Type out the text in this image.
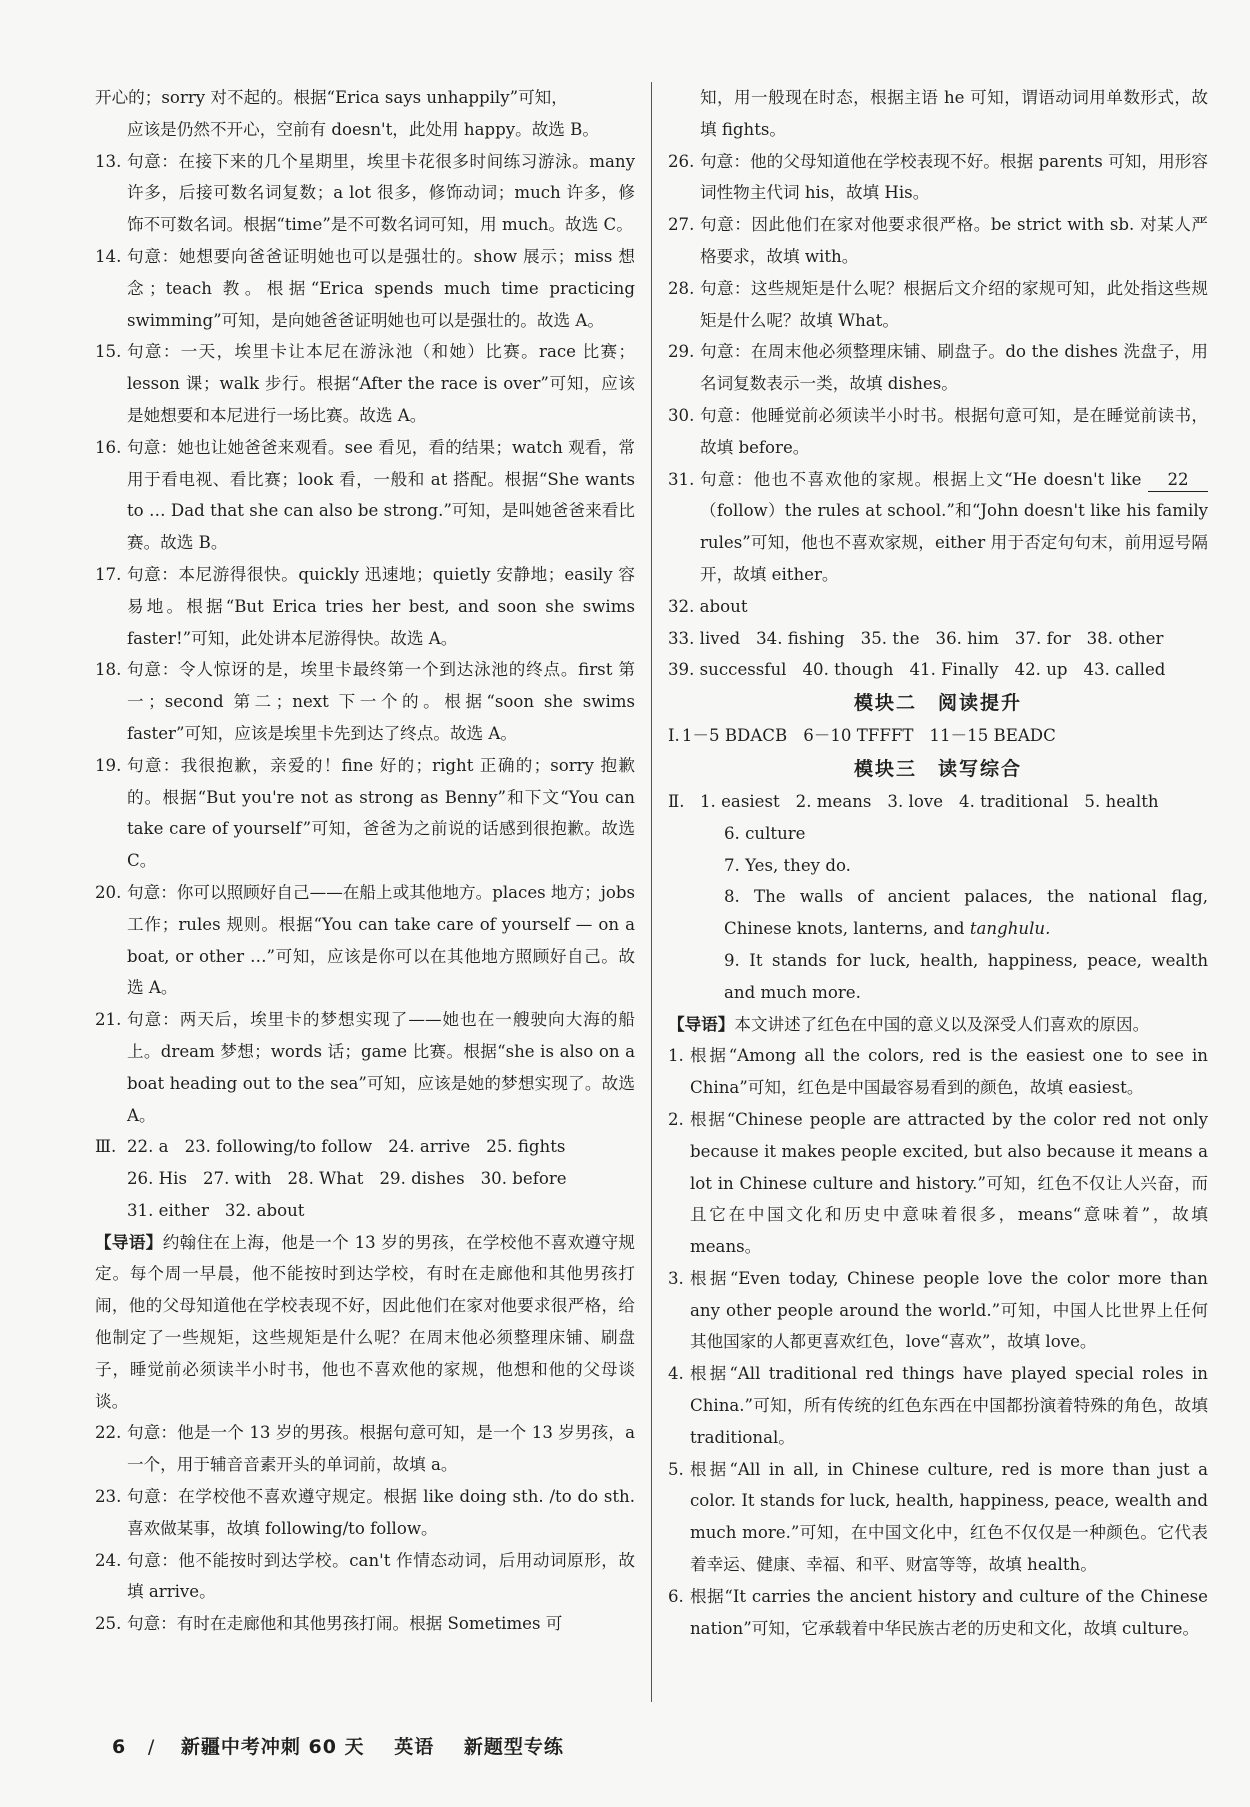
开心的；sorry 对不起的。根据“Erica says unhappily”可知，

应该是仍然不开心，空前有 doesn't，此处用 happy。故选 B。

13. 句意：在接下来的几个星期里，埃里卡花很多时间练习游泳。many 许多，后接可数名词复数；a lot 很多，修饰动词；much 许多，修饰不可数名词。根据“time”是不可数名词可知，用 much。故选 C。

14. 句意：她想要向爸爸证明她也可以是强壮的。show 展示；miss 想念；teach 教。根据“Erica spends much time practicing swimming”可知，是向她爸爸证明她也可以是强壮的。故选 A。

15. 句意：一天，埃里卡让本尼在游泳池（和她）比赛。race 比赛；lesson 课；walk 步行。根据“After the race is over”可知，应该是她想要和本尼进行一场比赛。故选 A。

16. 句意：她也让她爸爸来观看。see 看见，看的结果；watch 观看，常用于看电视、看比赛；look 看，一般和 at 搭配。根据“She wants to … Dad that she can also be strong.”可知，是叫她爸爸来看比赛。故选 B。

17. 句意：本尼游得很快。quickly 迅速地；quietly 安静地；easily 容易地。根据“But Erica tries her best, and soon she swims faster!”可知，此处讲本尼游得快。故选 A。

18. 句意：令人惊讶的是，埃里卡最终第一个到达泳池的终点。first 第一；second 第二；next 下一个的。根据“soon she swims faster”可知，应该是埃里卡先到达了终点。故选 A。

19. 句意：我很抱歉，亲爱的！fine 好的；right 正确的；sorry 抱歉的。根据“But you're not as strong as Benny”和下文“You can take care of yourself”可知，爸爸为之前说的话感到很抱歉。故选 C。

20. 句意：你可以照顾好自己——在船上或其他地方。places 地方；jobs 工作；rules 规则。根据“You can take care of yourself — on a boat, or other …”可知，应该是你可以在其他地方照顾好自己。故选 A。

21. 句意：两天后，埃里卡的梦想实现了——她也在一艘驶向大海的船上。dream 梦想；words 话；game 比赛。根据“she is also on a boat heading out to the sea”可知，应该是她的梦想实现了。故选 A。

Ⅲ. 22. a 23. following/to follow 24. arrive 25. fights
26. His 27. with 28. What 29. dishes 30. before
31. either 32. about

【导语】约翰住在上海，他是一个 13 岁的男孩，在学校他不喜欢遵守规定。每个周一早晨，他不能按时到达学校，有时在走廊他和其他男孩打闹，他的父母知道他在学校表现不好，因此他们在家对他要求很严格，给他制定了一些规矩，这些规矩是什么呢？在周末他必须整理床铺、刷盘子，睡觉前必须读半小时书，他也不喜欢他的家规，他想和他的父母谈谈。

22. 句意：他是一个 13 岁的男孩。根据句意可知，是一个 13 岁男孩，a 一个，用于辅音音素开头的单词前，故填 a。

23. 句意：在学校他不喜欢遵守规定。根据 like doing sth. /to do sth. 喜欢做某事，故填 following/to follow。

24. 句意：他不能按时到达学校。can't 作情态动词，后用动词原形，故填 arrive。

25. 句意：有时在走廊他和其他男孩打闹。根据 Sometimes 可

知，用一般现在时态，根据主语 he 可知，谓语动词用单数形式，故填 fights。

26. 句意：他的父母知道他在学校表现不好。根据 parents 可知，用形容词性物主代词 his，故填 His。

27. 句意：因此他们在家对他要求很严格。be strict with sb. 对某人严格要求，故填 with。

28. 句意：这些规矩是什么呢？根据后文介绍的家规可知，此处指这些规矩是什么呢？故填 What。

29. 句意：在周末他必须整理床铺、刷盘子。do the dishes 洗盘子，用名词复数表示一类，故填 dishes。

30. 句意：他睡觉前必须读半小时书。根据句意可知，是在睡觉前读书，故填 before。

31. 句意：他也不喜欢他的家规。根据上文“He doesn't like 22 （follow）the rules at school.”和“John doesn't like his family rules”可知，他也不喜欢家规，either 用于否定句句末，前用逗号隔开，故填 either。

32. about

33. lived 34. fishing 35. the 36. him 37. for 38. other
39. successful 40. though 41. Finally 42. up 43. called
模块二　阅读提升
Ⅰ. 1－5 BDACB 6－10 TFFFT 11－15 BEADC
模块三　读写综合
Ⅱ. 1. easiest 2. means 3. love 4. traditional 5. health
6. culture
7. Yes, they do.
8. The walls of ancient palaces, the national flag, Chinese knots, lanterns, and tanghulu.
9. It stands for luck, health, happiness, peace, wealth and much more.

【导语】本文讲述了红色在中国的意义以及深受人们喜欢的原因。

1. 根据“Among all the colors, red is the easiest one to see in China”可知，红色是中国最容易看到的颜色，故填 easiest。

2. 根据“Chinese people are attracted by the color red not only because it makes people excited, but also because it means a lot in Chinese culture and history.”可知，红色不仅让人兴奋，而且它在中国文化和历史中意味着很多，means“意味着”，故填 means。

3. 根据“Even today, Chinese people love the color more than any other people around the world.”可知，中国人比世界上任何其他国家的人都更喜欢红色，love“喜欢”，故填 love。

4. 根据“All traditional red things have played special roles in China.”可知，所有传统的红色东西在中国都扮演着特殊的角色，故填 traditional。

5. 根据“All in all, in Chinese culture, red is more than just a color. It stands for luck, health, happiness, peace, wealth and much more.”可知，在中国文化中，红色不仅仅是一种颜色。它代表着幸运、健康、幸福、和平、财富等等，故填 health。

6. 根据“It carries the ancient history and culture of the Chinese nation”可知，它承载着中华民族古老的历史和文化，故填 culture。

6 / 新疆中考冲刺 60 天 英语 新题型专练
